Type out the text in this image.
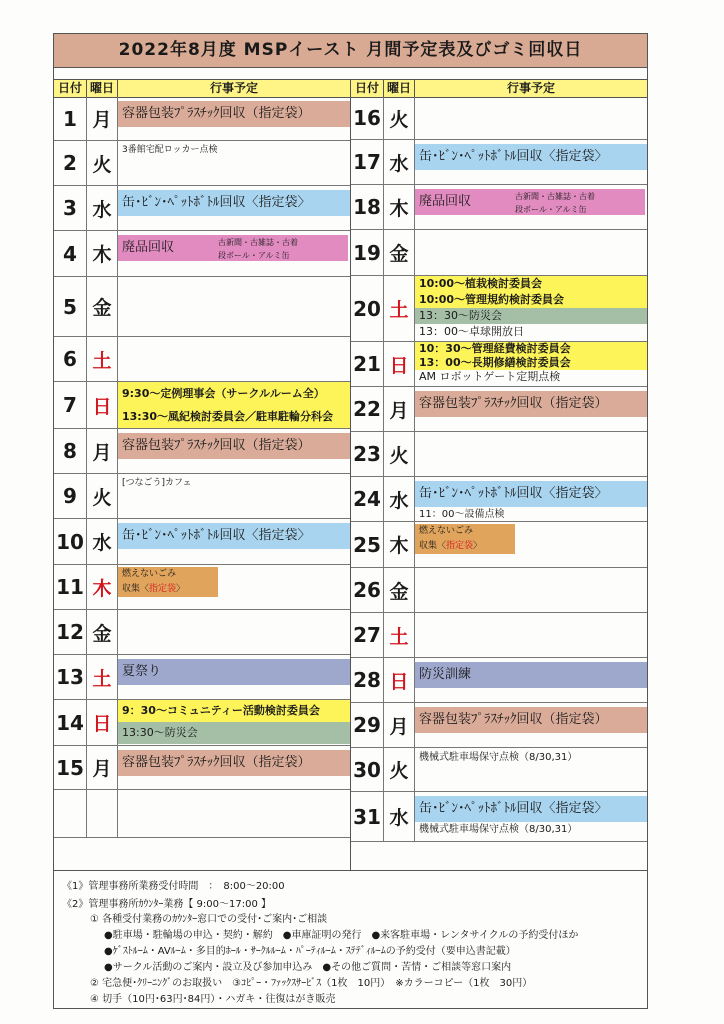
2022年8月度 MSPイースト 月間予定表及びゴミ回収日
日付 曜日	行事予定	日付 曜日	行事予定
1 月 容器包装ﾌﾟﾗｽﾁｯｸ回収（指定袋）
2 火
3番館宅配ロッカー点検
3 水 缶･ﾋﾞﾝ･ﾍﾟｯﾄﾎﾞﾄﾙ回収〈指定袋〉
4 木 廃品回収	古新聞・古雑誌・古着
段ボール・アルミ缶
5 金
6 土
7 日
9:30～定例理事会（サークルルーム全）
13:30～風紀検討委員会／駐車駐輪分科会
8 月 容器包装ﾌﾟﾗｽﾁｯｸ回収（指定袋）
9 火
[つなごう]カフェ
10 水 缶･ﾋﾞﾝ･ﾍﾟｯﾄﾎﾞﾄﾙ回収〈指定袋〉
11 木
燃えないごみ
収集〈指定袋〉
12 金
13 土 夏祭り
14 日
9：30～コミュニティー活動検討委員会
13:30～防災会
15 月 容器包装ﾌﾟﾗｽﾁｯｸ回収（指定袋）
16 火
17 水 缶･ﾋﾞﾝ･ﾍﾟｯﾄﾎﾞﾄﾙ回収〈指定袋〉
18 木 廃品回収	古新聞・古雑誌・古着
段ボール・アルミ缶
19 金
20 土
10:00～植栽検討委員会
10:00～管理規約検討委員会
13：30～防災会
13：00～卓球開放日
21 日
10：30～管理経費検討委員会
13：00～長期修繕検討委員会
AM ロボットゲート定期点検
22 月 容器包装ﾌﾟﾗｽﾁｯｸ回収（指定袋）
23 火
24 水 缶･ﾋﾞﾝ･ﾍﾟｯﾄﾎﾞﾄﾙ回収〈指定袋〉
11：00～設備点検
25 木
燃えないごみ
収集〈指定袋〉
26 金
27 土
28 日 防災訓練
29 月 容器包装ﾌﾟﾗｽﾁｯｸ回収（指定袋）
30 火
機械式駐車場保守点検（8/30,31）
31 水 缶･ﾋﾞﾝ･ﾍﾟｯﾄﾎﾞﾄﾙ回収〈指定袋〉
機械式駐車場保守点検（8/30,31）
《1》管理事務所業務受付時間　：　8:00～20:00
《2》管理事務所ｶｳﾝﾀｰ業務【 9:00～17:00 】
① 各種受付業務のｶｳﾝﾀｰ窓口での受付･ご案内･ご相談
●駐車場・駐輪場の申込・契約・解約　●車庫証明の発行　●来客駐車場・レンタサイクルの予約受付ほか
●ｹﾞｽﾄﾙｰﾑ・AVﾙｰﾑ・多目的ﾎｰﾙ・ｻｰｸﾙﾙｰﾑ・ﾊﾟｰﾃｨﾙｰﾑ・ｽﾃﾃﾞｨﾙｰﾑの予約受付（要申込書記載）
●サークル活動のご案内・設立及び参加申込み　●その他ご質問・苦情・ご相談等窓口案内
② 宅急便･ｸﾘｰﾆﾝｸﾞのお取扱い　③ｺﾋﾟｰ・ﾌｧｯｸｽｻｰﾋﾞｽ（1枚　10円）　※カラーコピー（1枚　30円）
④ 切手（10円･63円･84円）・ハガキ・往復はがき販売
